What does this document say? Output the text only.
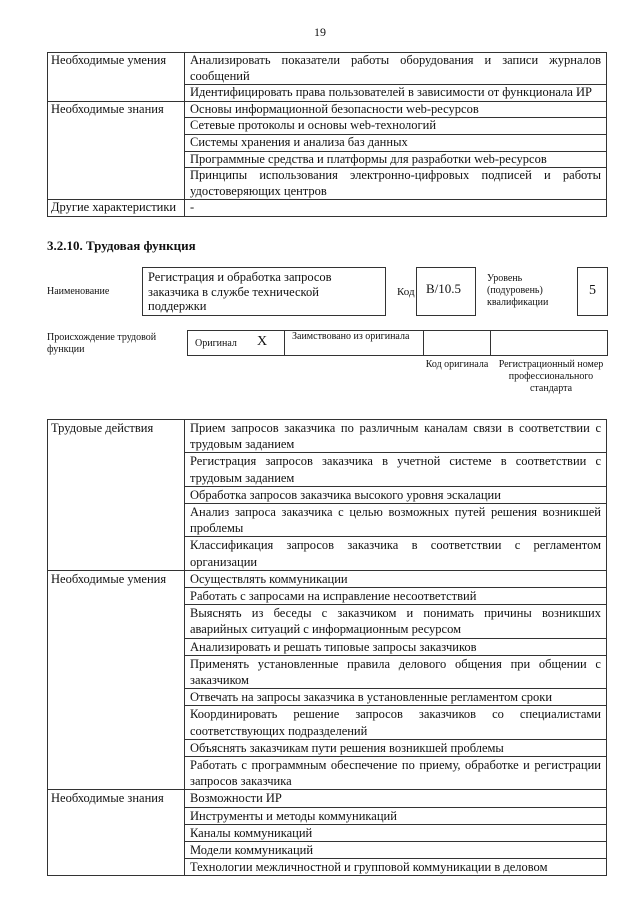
19
Необходимые умения	Анализировать показатели работы оборудования и записи журналов сообщений
	Идентифицировать права пользователей в зависимости от функционала ИР
Необходимые знания	Основы информационной безопасности web-ресурсов
	Сетевые протоколы и основы web-технологий
	Системы хранения и анализа баз данных
	Программные средства и платформы для разработки web-ресурсов
	Принципы использования электронно-цифровых подписей и работы удостоверяющих центров
Другие характеристики	-
3.2.10. Трудовая функция
Наименование
Регистрация и обработка запросов заказчика в службе технической поддержки
Код B/10.5
Уровень (подуровень) квалификации
5
Происхождение трудовой функции
Оригинал X Заимствовано из оригинала
Код оригинала Регистрационный номер профессионального стандарта
Трудовые действия	Прием запросов заказчика по различным каналам связи в соответствии с трудовым заданием
	Регистрация запросов заказчика в учетной системе в соответствии с трудовым заданием
	Обработка запросов заказчика высокого уровня эскалации
	Анализ запроса заказчика с целью возможных путей решения возникшей проблемы
	Классификация запросов заказчика в соответствии с регламентом организации
Необходимые умения	Осуществлять коммуникации
	Работать с запросами на исправление несоответствий
	Выяснять из беседы с заказчиком и понимать причины возникших аварийных ситуаций с информационным ресурсом
	Анализировать и решать типовые запросы заказчиков
	Применять установленные правила делового общения при общении с заказчиком
	Отвечать на запросы заказчика в установленные регламентом сроки
	Координировать решение запросов заказчиков со специалистами соответствующих подразделений
	Объяснять заказчикам пути решения возникшей проблемы
	Работать с программным обеспечение по приему, обработке и регистрации запросов заказчика
Необходимые знания	Возможности ИР
	Инструменты и методы коммуникаций
	Каналы коммуникаций
	Модели коммуникаций
	Технологии межличностной и групповой коммуникации в деловом
